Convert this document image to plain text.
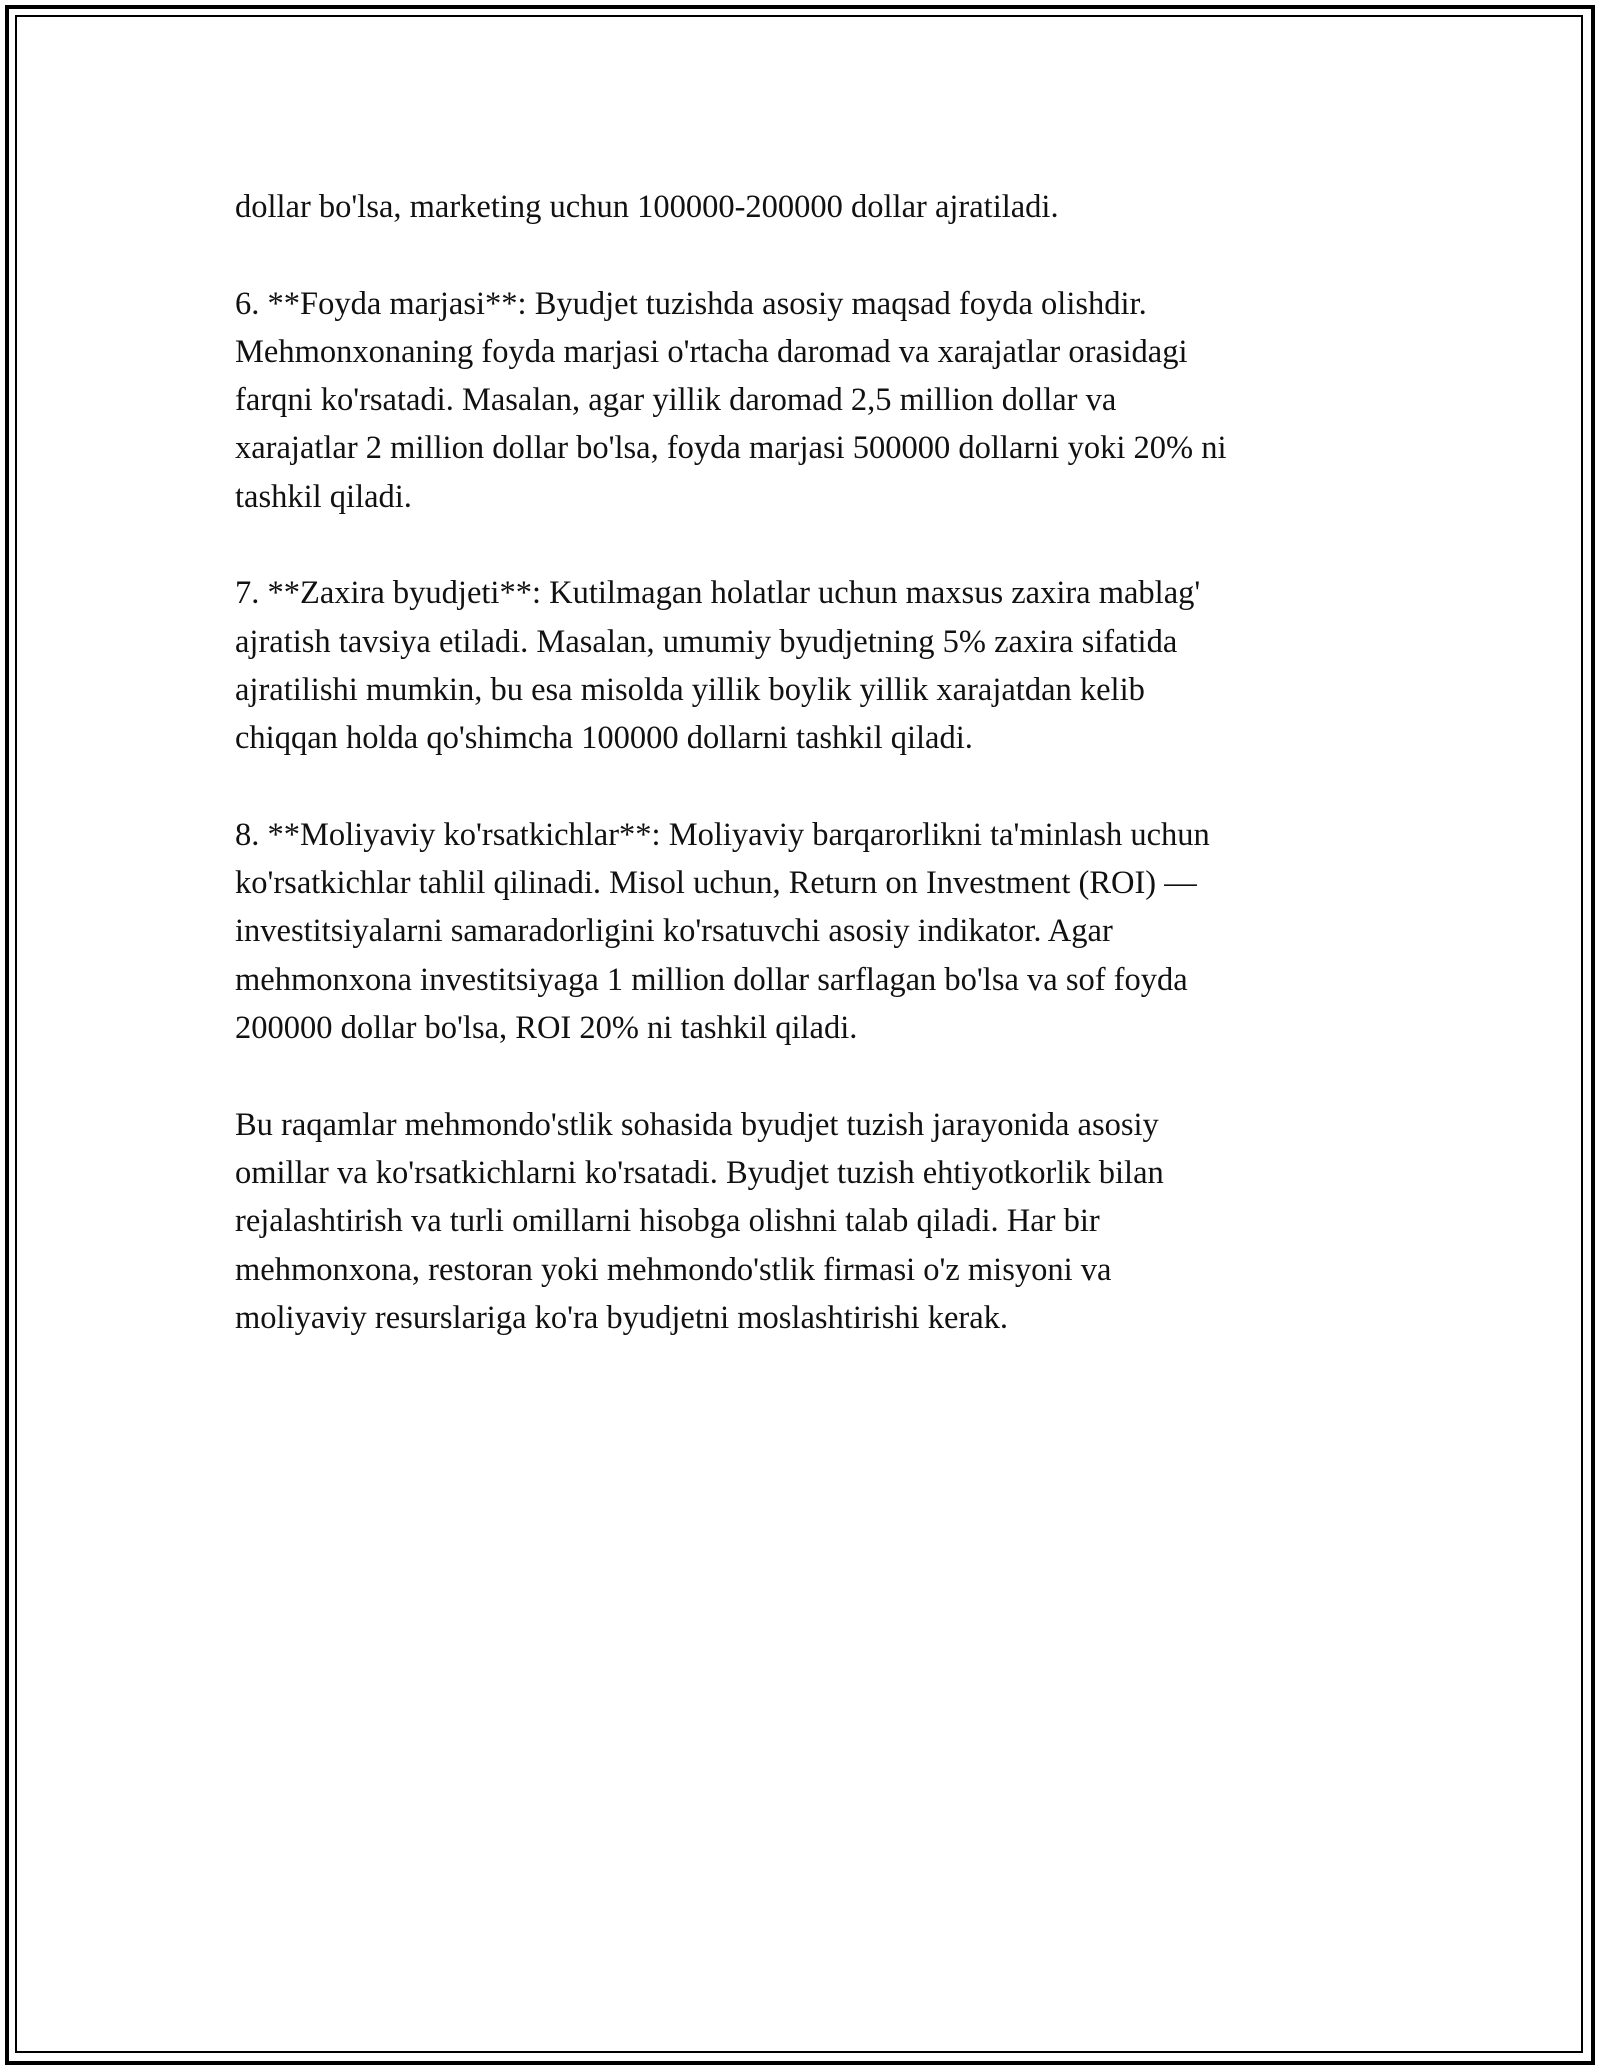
dollar bo'lsa, marketing uchun 100000-200000 dollar ajratiladi.
6. **Foyda marjasi**: Byudjet tuzishda asosiy maqsad foyda olishdir.
Mehmonxonaning foyda marjasi o'rtacha daromad va xarajatlar orasidagi
farqni ko'rsatadi. Masalan, agar yillik daromad 2,5 million dollar va
xarajatlar 2 million dollar bo'lsa, foyda marjasi 500000 dollarni yoki 20% ni
tashkil qiladi.
7. **Zaxira byudjeti**: Kutilmagan holatlar uchun maxsus zaxira mablag'
ajratish tavsiya etiladi. Masalan, umumiy byudjetning 5% zaxira sifatida
ajratilishi mumkin, bu esa misolda yillik boylik yillik xarajatdan kelib
chiqqan holda qo'shimcha 100000 dollarni tashkil qiladi.
8. **Moliyaviy ko'rsatkichlar**: Moliyaviy barqarorlikni ta'minlash uchun
ko'rsatkichlar tahlil qilinadi. Misol uchun, Return on Investment (ROI) —
investitsiyalarni samaradorligini ko'rsatuvchi asosiy indikator. Agar
mehmonxona investitsiyaga 1 million dollar sarflagan bo'lsa va sof foyda
200000 dollar bo'lsa, ROI 20% ni tashkil qiladi.
Bu raqamlar mehmondo'stlik sohasida byudjet tuzish jarayonida asosiy
omillar va ko'rsatkichlarni ko'rsatadi. Byudjet tuzish ehtiyotkorlik bilan
rejalashtirish va turli omillarni hisobga olishni talab qiladi. Har bir
mehmonxona, restoran yoki mehmondo'stlik firmasi o'z misyoni va
moliyaviy resurslariga ko'ra byudjetni moslashtirishi kerak.
